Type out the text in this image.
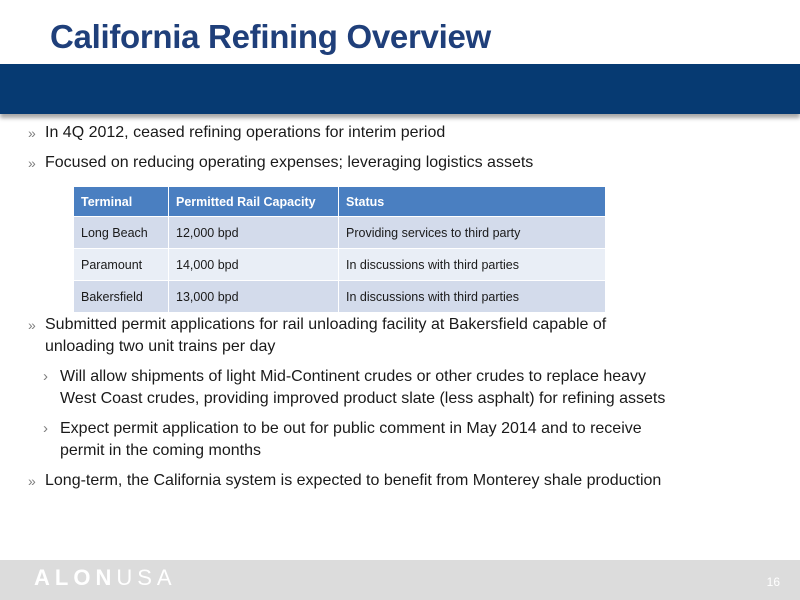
California Refining Overview
» In 4Q 2012, ceased refining operations for interim period
» Focused on reducing operating expenses; leveraging logistics assets
» Submitted permit applications for rail unloading facility at Bakersfield capable of
unloading two unit trains per day
› Will allow shipments of light Mid-Continent crudes or other crudes to replace heavy
West Coast crudes, providing improved product slate (less asphalt) for refining assets
› Expect permit application to be out for public comment in May 2014 and to receive
permit in the coming months
» Long-term, the California system is expected to benefit from Monterey shale production
Terminal	Permitted Rail Capacity	Status
Long Beach	12,000 bpd	Providing services to third party
Paramount	14,000 bpd	In discussions with third parties
Bakersfield	13,000 bpd	In discussions with third parties
ALONUSA	16
